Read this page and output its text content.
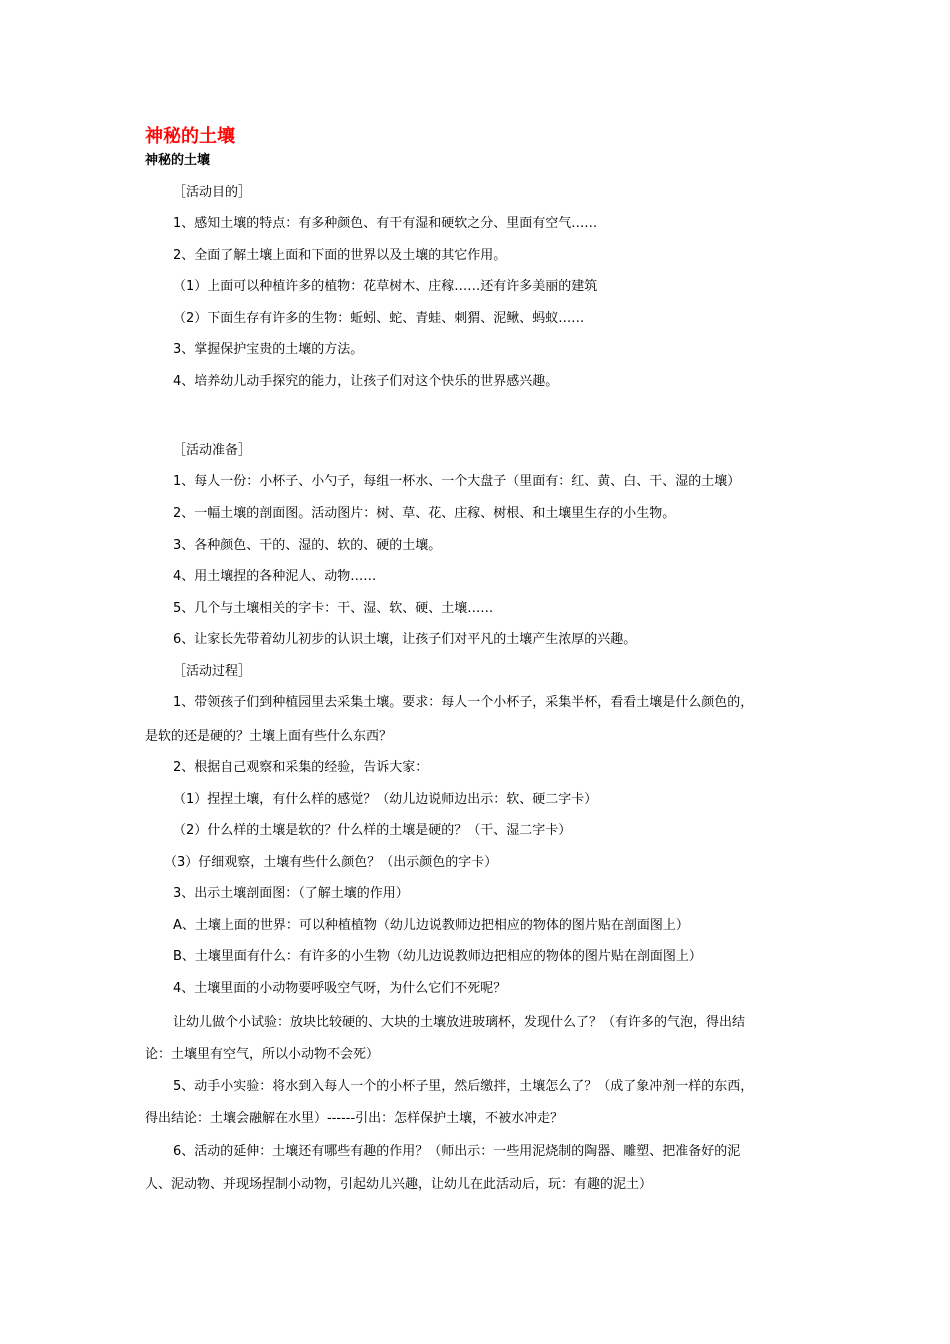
神秘的土壤
神秘的土壤
［活动目的］
1、感知土壤的特点：有多种颜色、有干有湿和硬软之分、里面有空气……
2、全面了解土壤上面和下面的世界以及土壤的其它作用。
（1）上面可以种植许多的植物：花草树木、庄稼……还有许多美丽的建筑
（2）下面生存有许多的生物：蚯蚓、蛇、青蛙、刺猬、泥鳅、蚂蚁……
3、掌握保护宝贵的土壤的方法。
4、培养幼儿动手探究的能力，让孩子们对这个快乐的世界感兴趣。
［活动准备］
1、每人一份：小杯子、小勺子，每组一杯水、一个大盘子（里面有：红、黄、白、干、湿的土壤）
2、一幅土壤的剖面图。活动图片：树、草、花、庄稼、树根、和土壤里生存的小生物。
3、各种颜色、干的、湿的、软的、硬的土壤。
4、用土壤捏的各种泥人、动物……
5、几个与土壤相关的字卡：干、湿、软、硬、土壤……
6、让家长先带着幼儿初步的认识土壤，让孩子们对平凡的土壤产生浓厚的兴趣。
［活动过程］
1、带领孩子们到种植园里去采集土壤。要求：每人一个小杯子，采集半杯，看看土壤是什么颜色的，
是软的还是硬的？土壤上面有些什么东西？
2、根据自己观察和采集的经验，告诉大家：
（1）捏捏土壤，有什么样的感觉？（幼儿边说师边出示：软、硬二字卡）
（2）什么样的土壤是软的？什么样的土壤是硬的？（干、湿二字卡）
（3）仔细观察，土壤有些什么颜色？（出示颜色的字卡）
3、出示土壤剖面图：（了解土壤的作用）
A、土壤上面的世界：可以种植植物（幼儿边说教师边把相应的物体的图片贴在剖面图上）
B、土壤里面有什么：有许多的小生物（幼儿边说教师边把相应的物体的图片贴在剖面图上）
4、土壤里面的小动物要呼吸空气呀，为什么它们不死呢？
让幼儿做个小试验：放块比较硬的、大块的土壤放进玻璃杯，发现什么了？（有许多的气泡，得出结
论：土壤里有空气，所以小动物不会死）
5、动手小实验：将水到入每人一个的小杯子里，然后缴拌，土壤怎么了？（成了象冲剂一样的东西，
得出结论：土壤会融解在水里）------引出：怎样保护土壤，不被水冲走？
6、活动的延伸：土壤还有哪些有趣的作用？（师出示：一些用泥烧制的陶器、雕塑、把准备好的泥
人、泥动物、并现场捏制小动物，引起幼儿兴趣，让幼儿在此活动后，玩：有趣的泥土）
